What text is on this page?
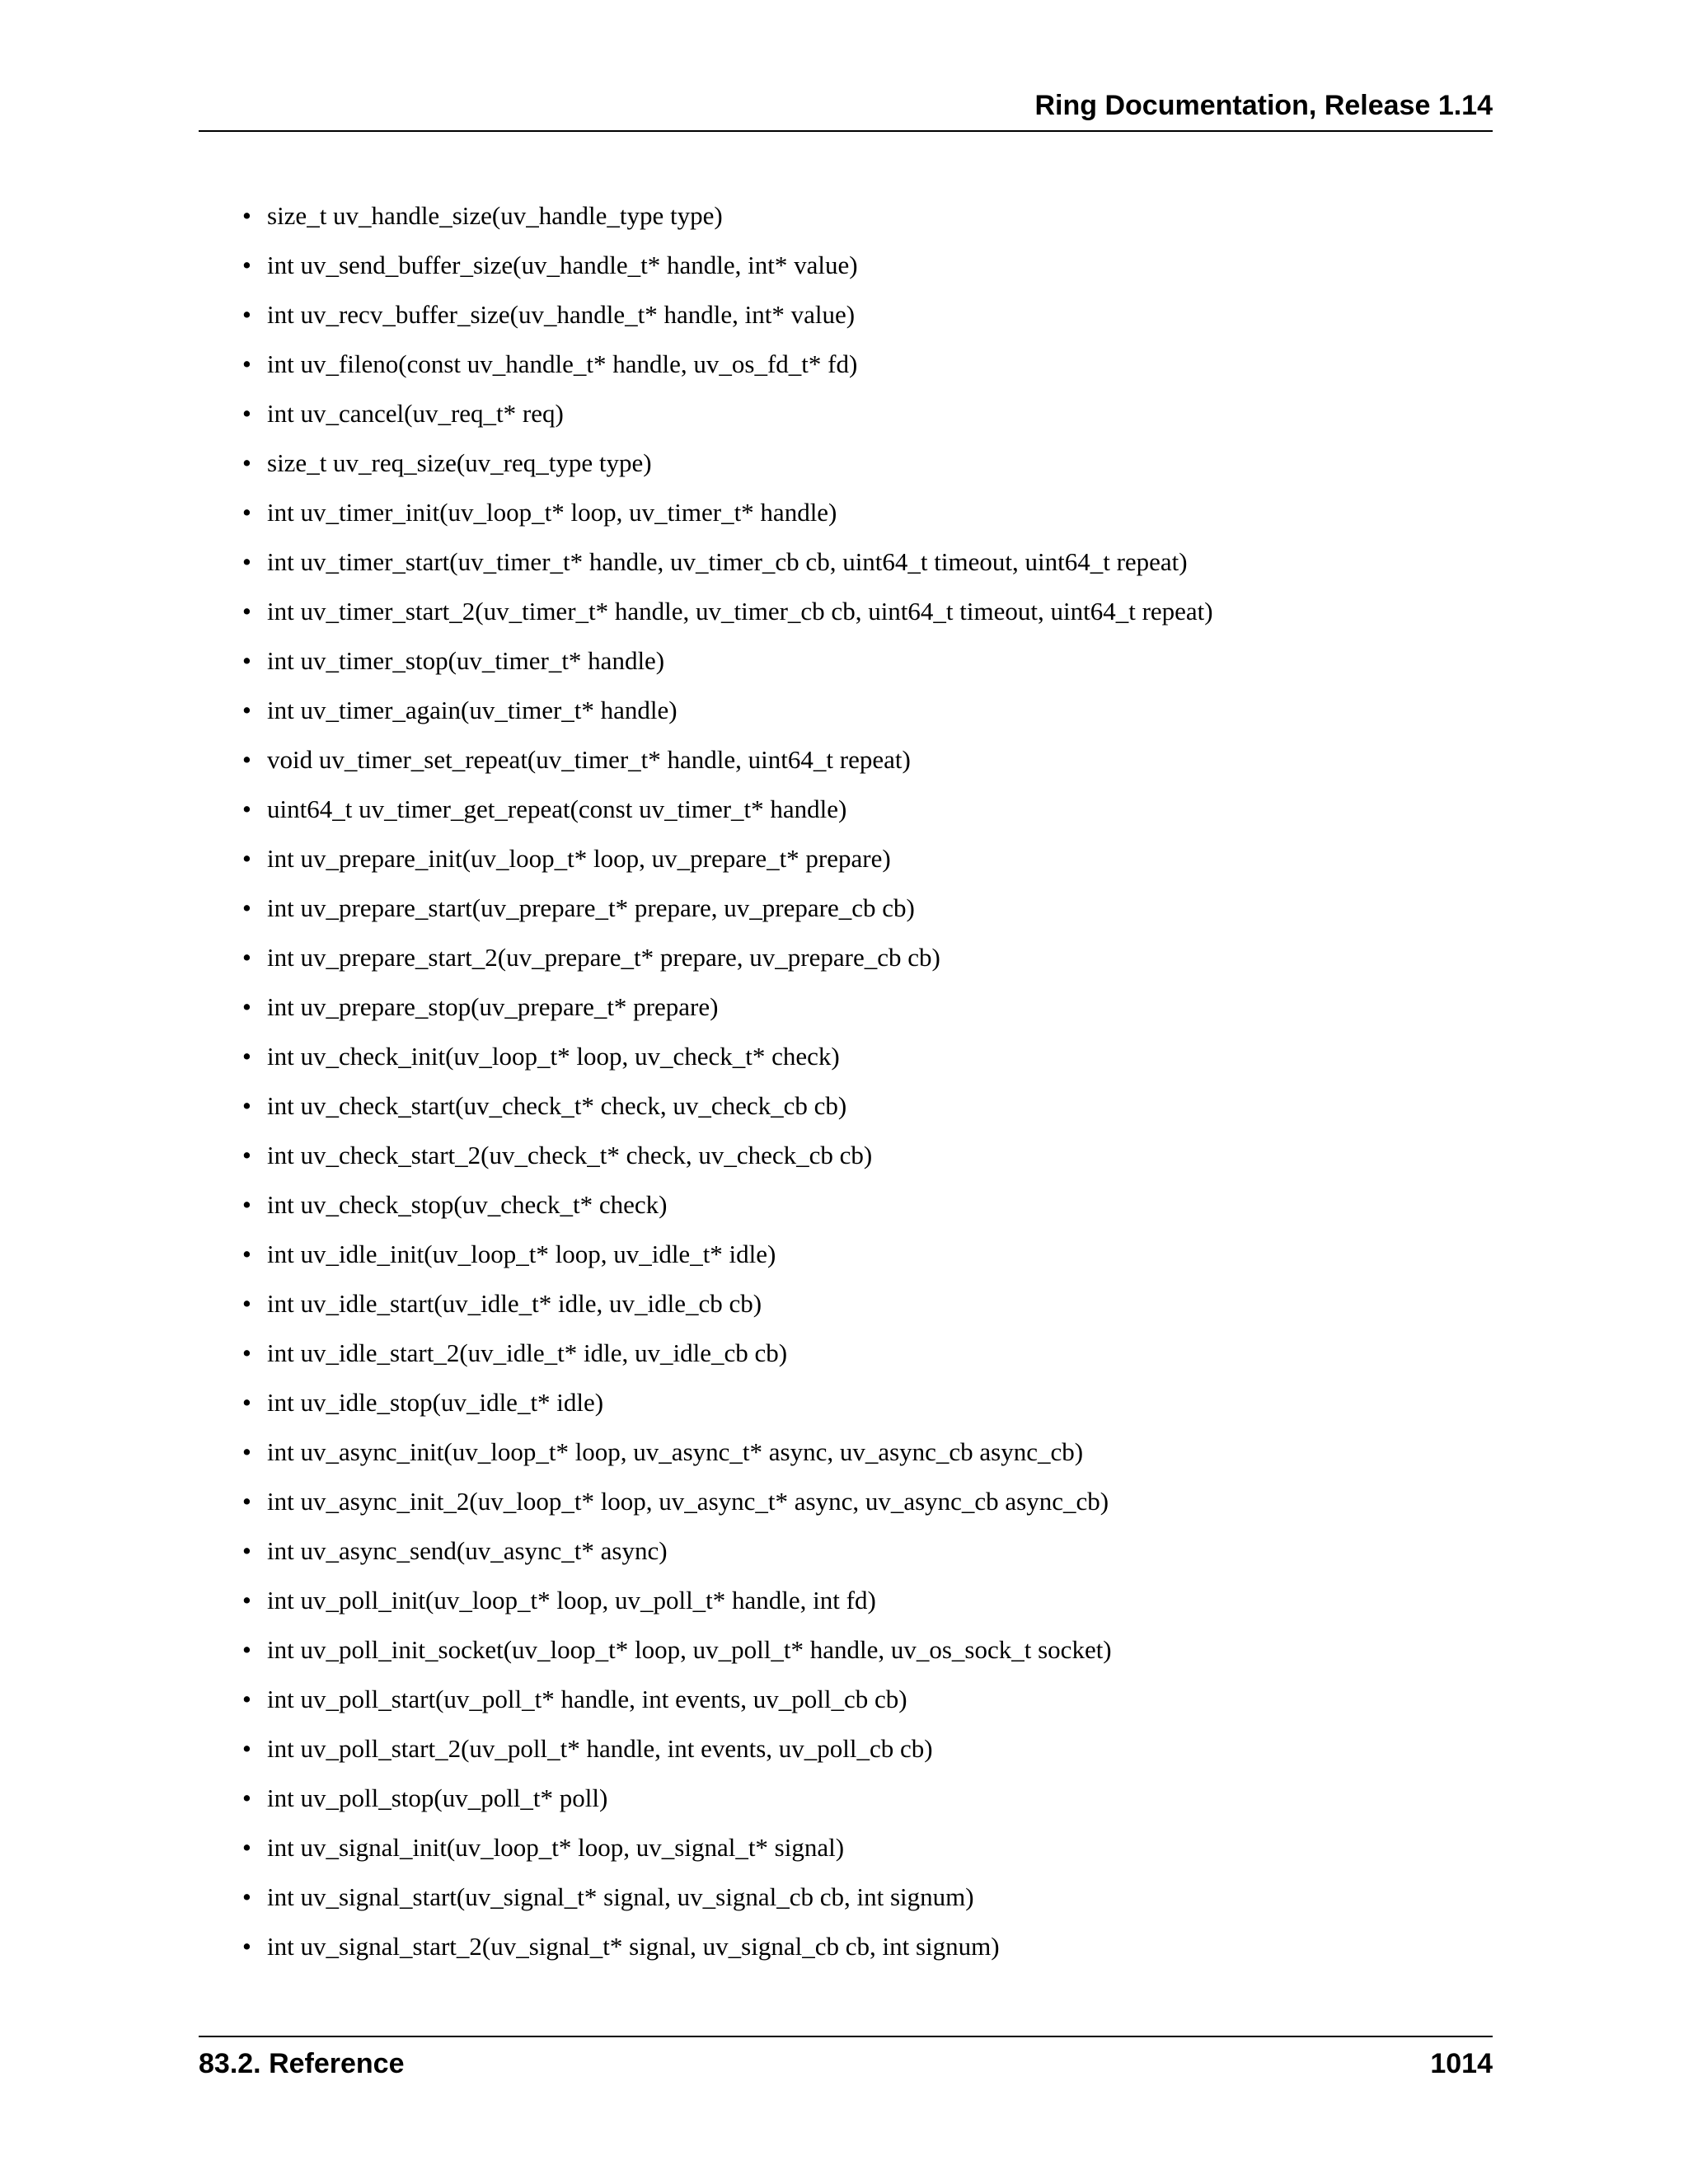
Ring Documentation, Release 1.14
• size_t uv_handle_size(uv_handle_type type)
• int uv_send_buffer_size(uv_handle_t* handle, int* value)
• int uv_recv_buffer_size(uv_handle_t* handle, int* value)
• int uv_fileno(const uv_handle_t* handle, uv_os_fd_t* fd)
• int uv_cancel(uv_req_t* req)
• size_t uv_req_size(uv_req_type type)
• int uv_timer_init(uv_loop_t* loop, uv_timer_t* handle)
• int uv_timer_start(uv_timer_t* handle, uv_timer_cb cb, uint64_t timeout, uint64_t repeat)
• int uv_timer_start_2(uv_timer_t* handle, uv_timer_cb cb, uint64_t timeout, uint64_t repeat)
• int uv_timer_stop(uv_timer_t* handle)
• int uv_timer_again(uv_timer_t* handle)
• void uv_timer_set_repeat(uv_timer_t* handle, uint64_t repeat)
• uint64_t uv_timer_get_repeat(const uv_timer_t* handle)
• int uv_prepare_init(uv_loop_t* loop, uv_prepare_t* prepare)
• int uv_prepare_start(uv_prepare_t* prepare, uv_prepare_cb cb)
• int uv_prepare_start_2(uv_prepare_t* prepare, uv_prepare_cb cb)
• int uv_prepare_stop(uv_prepare_t* prepare)
• int uv_check_init(uv_loop_t* loop, uv_check_t* check)
• int uv_check_start(uv_check_t* check, uv_check_cb cb)
• int uv_check_start_2(uv_check_t* check, uv_check_cb cb)
• int uv_check_stop(uv_check_t* check)
• int uv_idle_init(uv_loop_t* loop, uv_idle_t* idle)
• int uv_idle_start(uv_idle_t* idle, uv_idle_cb cb)
• int uv_idle_start_2(uv_idle_t* idle, uv_idle_cb cb)
• int uv_idle_stop(uv_idle_t* idle)
• int uv_async_init(uv_loop_t* loop, uv_async_t* async, uv_async_cb async_cb)
• int uv_async_init_2(uv_loop_t* loop, uv_async_t* async, uv_async_cb async_cb)
• int uv_async_send(uv_async_t* async)
• int uv_poll_init(uv_loop_t* loop, uv_poll_t* handle, int fd)
• int uv_poll_init_socket(uv_loop_t* loop, uv_poll_t* handle, uv_os_sock_t socket)
• int uv_poll_start(uv_poll_t* handle, int events, uv_poll_cb cb)
• int uv_poll_start_2(uv_poll_t* handle, int events, uv_poll_cb cb)
• int uv_poll_stop(uv_poll_t* poll)
• int uv_signal_init(uv_loop_t* loop, uv_signal_t* signal)
• int uv_signal_start(uv_signal_t* signal, uv_signal_cb cb, int signum)
• int uv_signal_start_2(uv_signal_t* signal, uv_signal_cb cb, int signum)
83.2. Reference	1014
